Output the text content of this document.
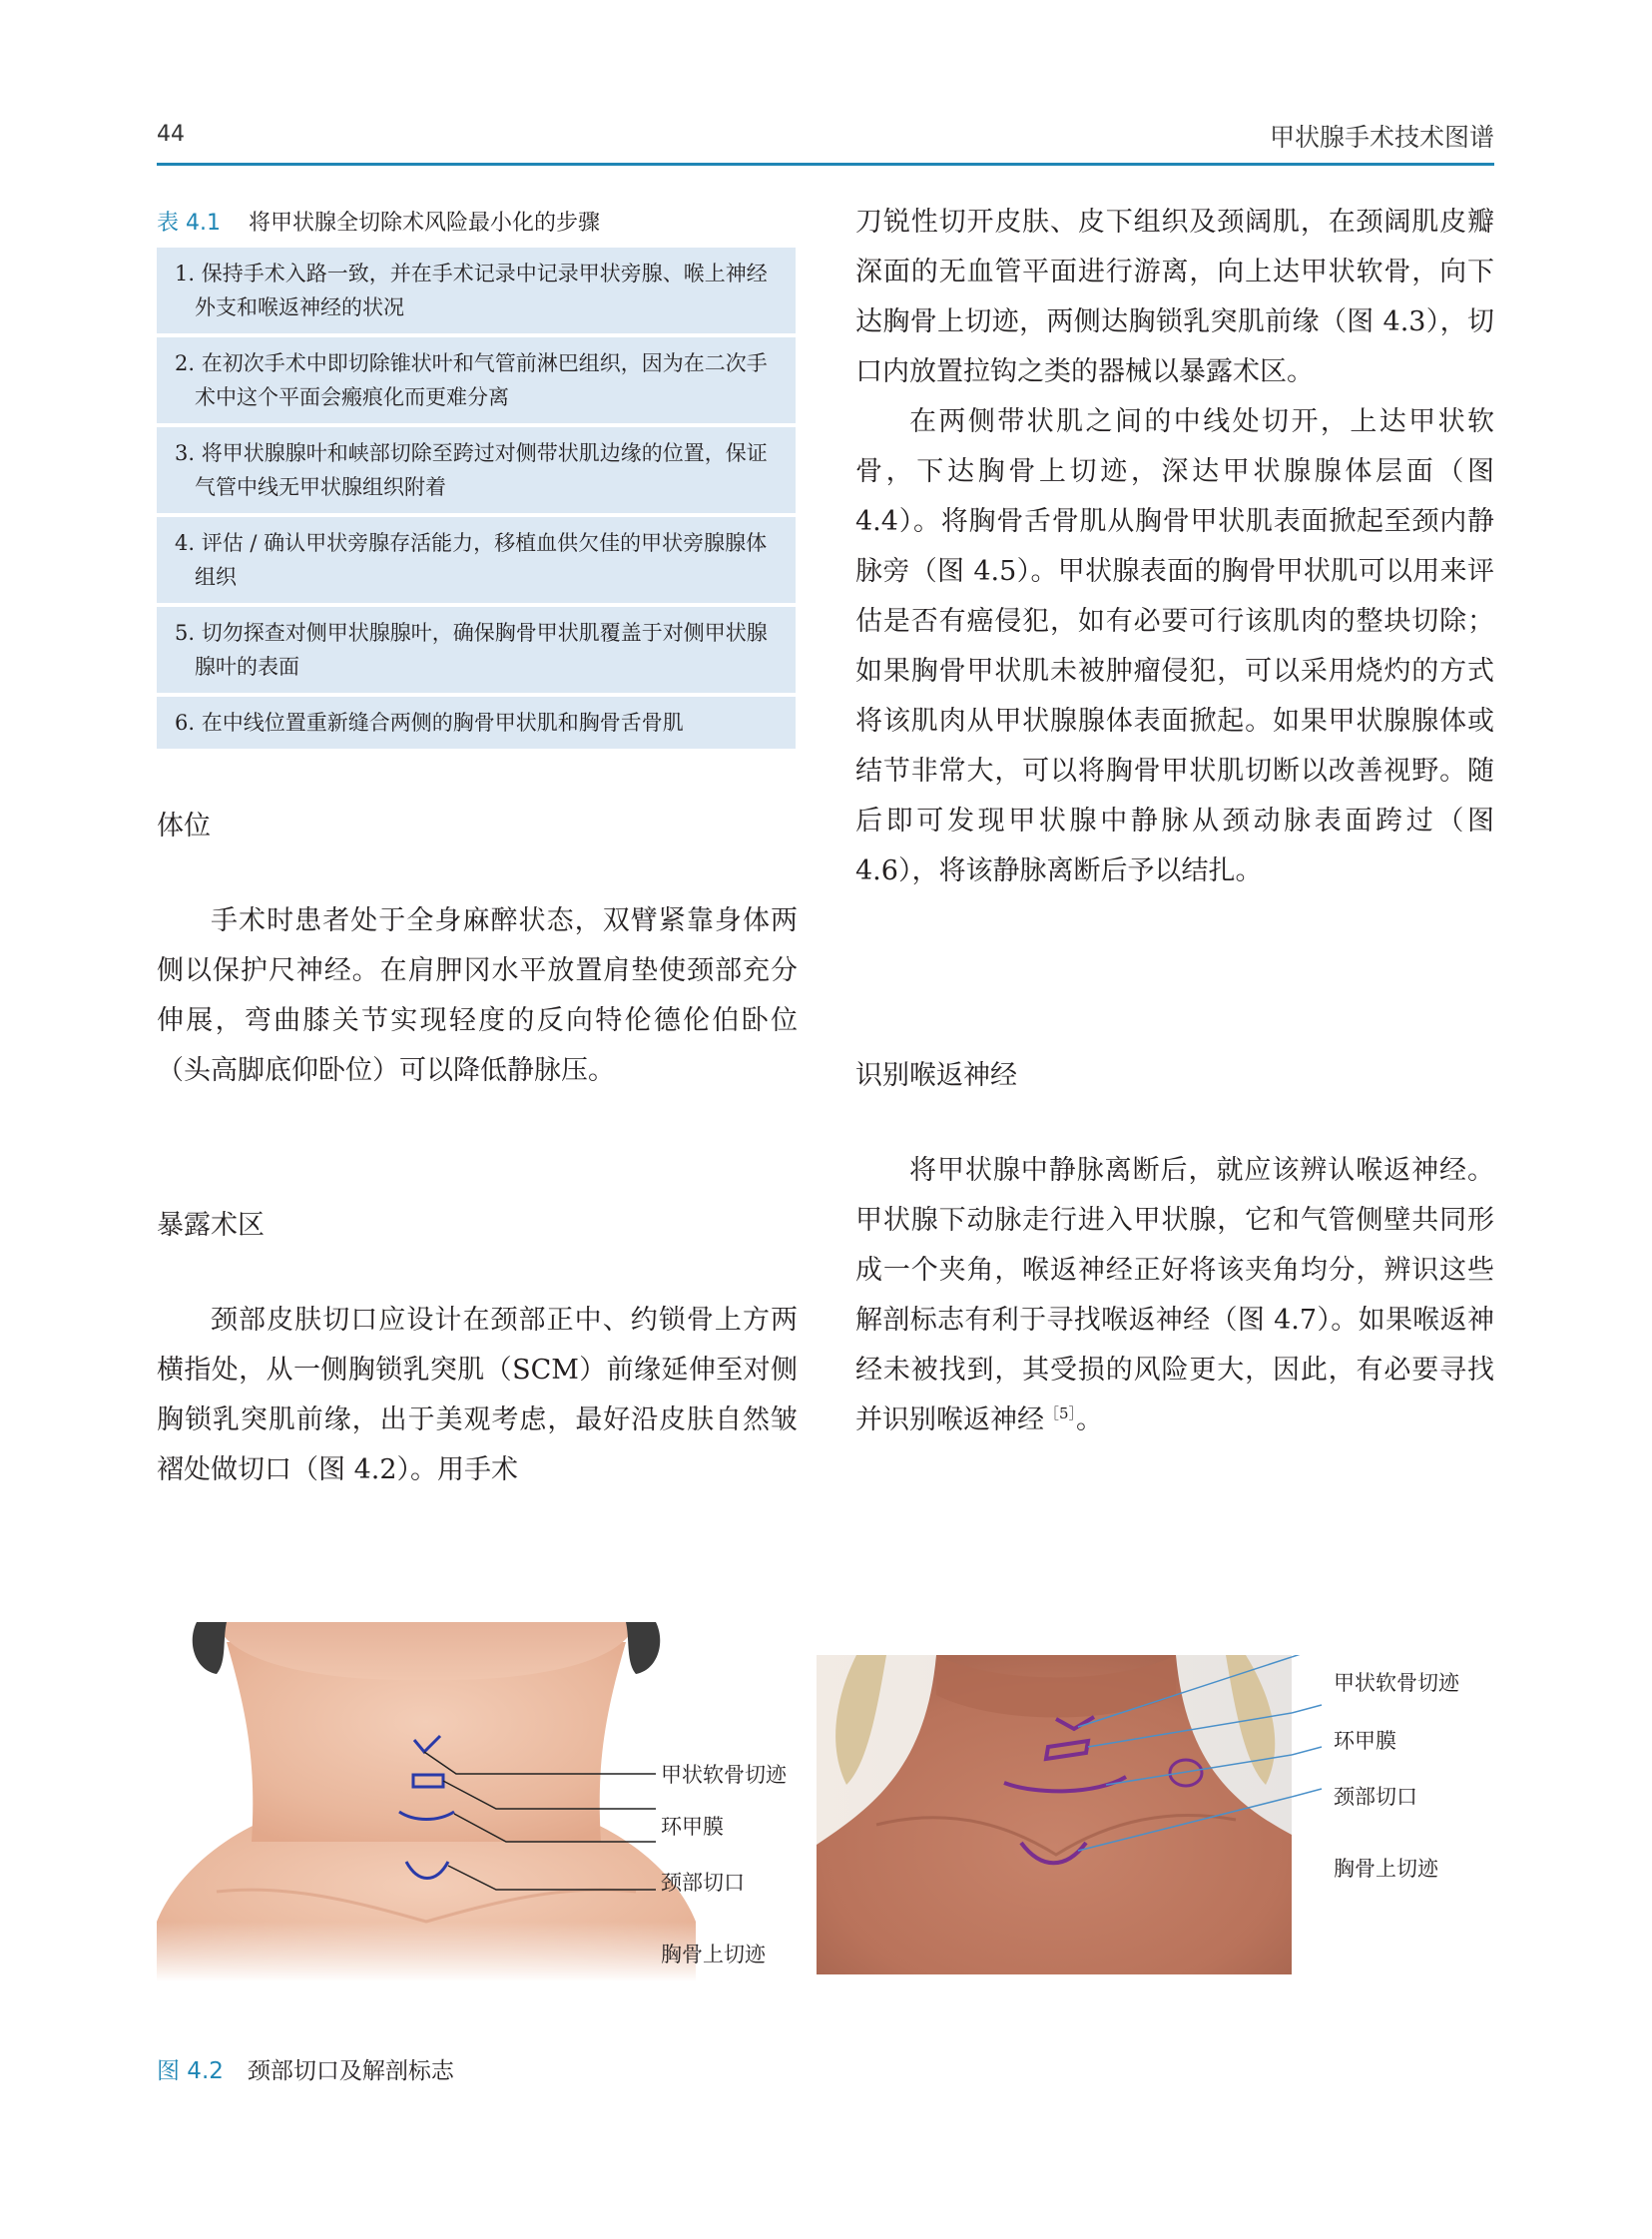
44	甲状腺手术技术图谱
表 4.1 将甲状腺全切除术风险最小化的步骤
1. 保持手术入路一致，并在手术记录中记录甲状旁腺、喉上神经外支和喉返神经的状况
2. 在初次手术中即切除锥状叶和气管前淋巴组织，因为在二次手术中这个平面会瘢痕化而更难分离
3. 将甲状腺腺叶和峡部切除至跨过对侧带状肌边缘的位置，保证气管中线无甲状腺组织附着
4. 评估 / 确认甲状旁腺存活能力，移植血供欠佳的甲状旁腺腺体组织
5. 切勿探查对侧甲状腺腺叶，确保胸骨甲状肌覆盖于对侧甲状腺腺叶的表面
6. 在中线位置重新缝合两侧的胸骨甲状肌和胸骨舌骨肌
体位

手术时患者处于全身麻醉状态，双臂紧靠身体两侧以保护尺神经。在肩胛冈水平放置肩垫使颈部充分伸展，弯曲膝关节实现轻度的反向特伦德伦伯卧位（头高脚底仰卧位）可以降低静脉压。

暴露术区

颈部皮肤切口应设计在颈部正中、约锁骨上方两横指处，从一侧胸锁乳突肌（SCM）前缘延伸至对侧胸锁乳突肌前缘，出于美观考虑，最好沿皮肤自然皱褶处做切口（图 4.2）。用手术

刀锐性切开皮肤、皮下组织及颈阔肌，在颈阔肌皮瓣深面的无血管平面进行游离，向上达甲状软骨，向下达胸骨上切迹，两侧达胸锁乳突肌前缘（图 4.3），切口内放置拉钩之类的器械以暴露术区。

在两侧带状肌之间的中线处切开，上达甲状软骨，下达胸骨上切迹，深达甲状腺腺体层面（图 4.4）。将胸骨舌骨肌从胸骨甲状肌表面掀起至颈内静脉旁（图 4.5）。甲状腺表面的胸骨甲状肌可以用来评估是否有癌侵犯，如有必要可行该肌肉的整块切除；如果胸骨甲状肌未被肿瘤侵犯，可以采用烧灼的方式将该肌肉从甲状腺腺体表面掀起。如果甲状腺腺体或结节非常大，可以将胸骨甲状肌切断以改善视野。随后即可发现甲状腺中静脉从颈动脉表面跨过（图 4.6），将该静脉离断后予以结扎。

识别喉返神经

将甲状腺中静脉离断后，就应该辨认喉返神经。甲状腺下动脉走行进入甲状腺，它和气管侧壁共同形成一个夹角，喉返神经正好将该夹角均分，辨识这些解剖标志有利于寻找喉返神经（图 4.7）。如果喉返神经未被找到，其受损的风险更大，因此，有必要寻找并识别喉返神经$^{[5]}$。

甲状软骨切迹
环甲膜
颈部切口
胸骨上切迹
甲状软骨切迹
环甲膜
颈部切口
胸骨上切迹
图 4.2 颈部切口及解剖标志
